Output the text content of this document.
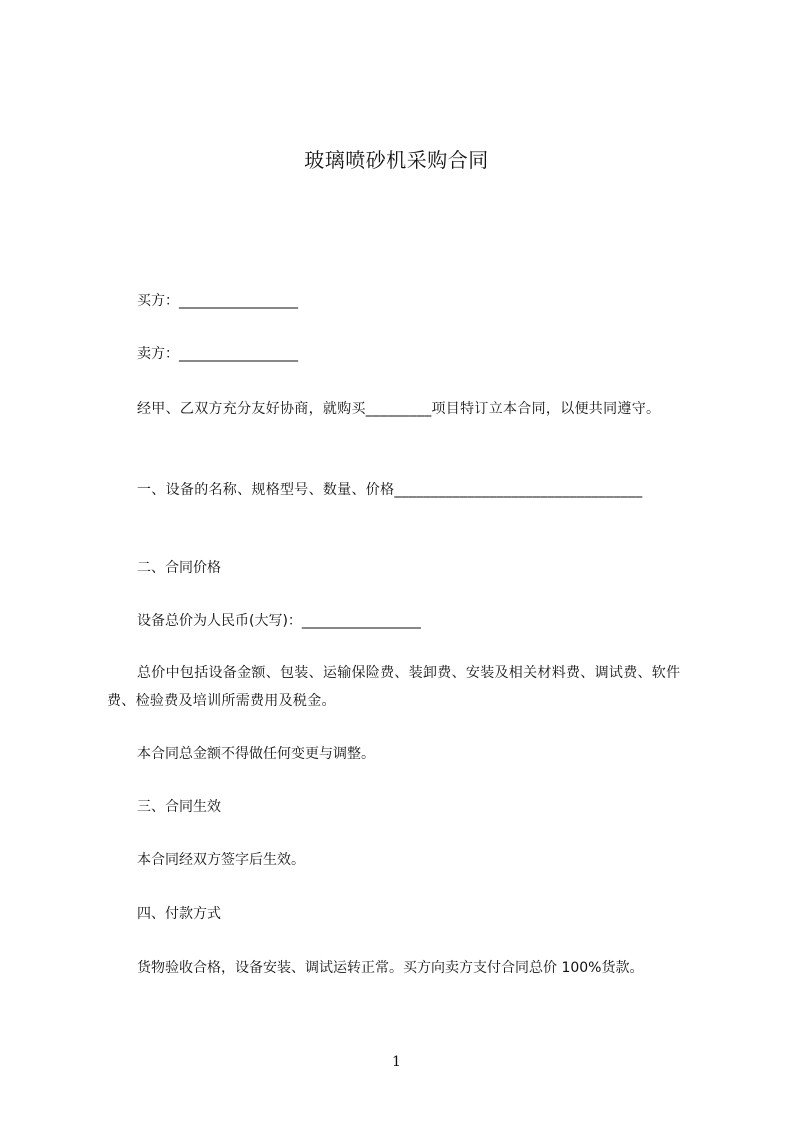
玻璃喷砂机采购合同
买方：_________________
卖方：_________________
经甲、乙双方充分友好协商，就购买_________项目特订立本合同，以便共同遵守。
一、设备的名称、规格型号、数量、价格__________________________________
二、合同价格
设备总价为人民币(大写)：_________________
总价中包括设备金额、包装、运输保险费、装卸费、安装及相关材料费、调试费、软件费、检验费及培训所需费用及税金。
本合同总金额不得做任何变更与调整。
三、合同生效
本合同经双方签字后生效。
四、付款方式
货物验收合格，设备安装、调试运转正常。买方向卖方支付合同总价 100%货款。
1
